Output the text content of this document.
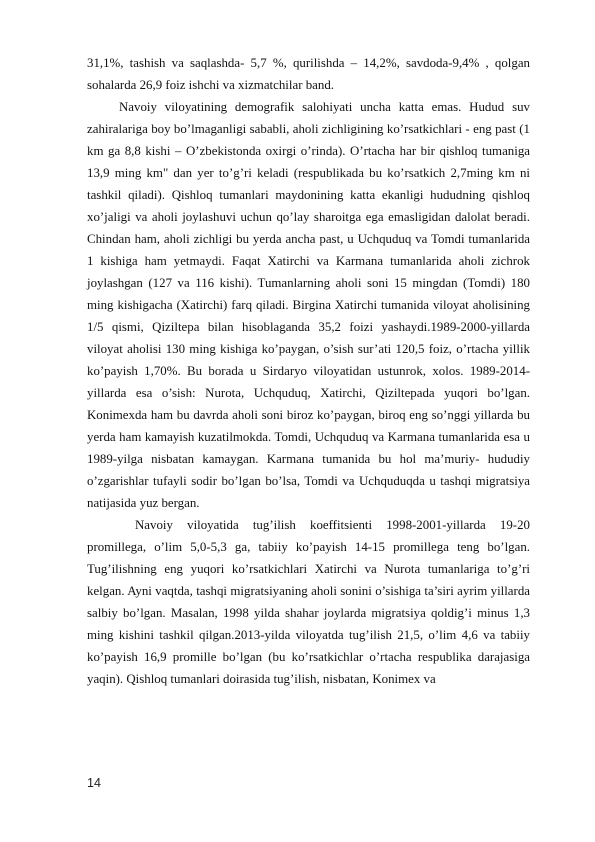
31,1%, tashish va saqlashda- 5,7 %, qurilishda – 14,2%, savdoda-9,4% , qolgan sohalarda 26,9 foiz ishchi va xizmatchilar band.

Navoiy viloyatining demografik salohiyati uncha katta emas. Hudud suv zahiralariga boy bo’lmaganligi sababli, aholi zichligining ko’rsatkichlari - eng past (1 km ga 8,8 kishi – O’zbekistonda oxirgi o’rinda). O’rtacha har bir qishloq tumaniga 13,9 ming km" dan yer to’g’ri keladi (respublikada bu ko’rsatkich 2,7ming km ni tashkil qiladi). Qishloq tumanlari maydonining katta ekanligi hududning qishloq xo’jaligi va aholi joylashuvi uchun qo’lay sharoitga ega emasligidan dalolat beradi. Chindan ham, aholi zichligi bu yerda ancha past, u Uchquduq va Tomdi tumanlarida 1 kishiga ham yetmaydi. Faqat Xatirchi va Karmana tumanlarida aholi zichrok joylashgan (127 va 116 kishi). Tumanlarning aholi soni 15 mingdan (Tomdi) 180 ming kishigacha (Xatirchi) farq qiladi. Birgina Xatirchi tumanida viloyat aholisining 1/5 qismi, Qiziltepa bilan hisoblaganda 35,2 foizi yashaydi.1989-2000-yillarda viloyat aholisi 130 ming kishiga ko’paygan, o’sish sur’ati 120,5 foiz, o’rtacha yillik ko’payish 1,70%. Bu borada u Sirdaryo viloyatidan ustunrok, xolos. 1989-2014-yillarda esa o’sish: Nurota, Uchquduq, Xatirchi, Qiziltepada yuqori bo’lgan. Konimexda ham bu davrda aholi soni biroz ko’paygan, biroq eng so’nggi yillarda bu yerda ham kamayish kuzatilmokda. Tomdi, Uchquduq va Karmana tumanlarida esa u 1989-yilga nisbatan kamaygan. Karmana tumanida bu hol ma’muriy- hududiy o’zgarishlar tufayli sodir bo’lgan bo’lsa, Tomdi va Uchquduqda u tashqi migratsiya natijasida yuz bergan.

Navoiy viloyatida tug’ilish koeffitsienti 1998-2001-yillarda 19-20 promillega, o’lim 5,0-5,3 ga, tabiiy ko’payish 14-15 promillega teng bo’lgan. Tug’ilishning eng yuqori ko’rsatkichlari Xatirchi va Nurota tumanlariga to’g’ri kelgan. Ayni vaqtda, tashqi migratsiyaning aholi sonini o’sishiga ta’siri ayrim yillarda salbiy bo’lgan. Masalan, 1998 yilda shahar joylarda migratsiya qoldig’i minus 1,3 ming kishini tashkil qilgan.2013-yilda viloyatda tug’ilish 21,5, o’lim 4,6 va tabiiy ko’payish 16,9 promille bo’lgan (bu ko’rsatkichlar o’rtacha respublika darajasiga yaqin). Qishloq tumanlari doirasida tug’ilish, nisbatan, Konimex va

14
